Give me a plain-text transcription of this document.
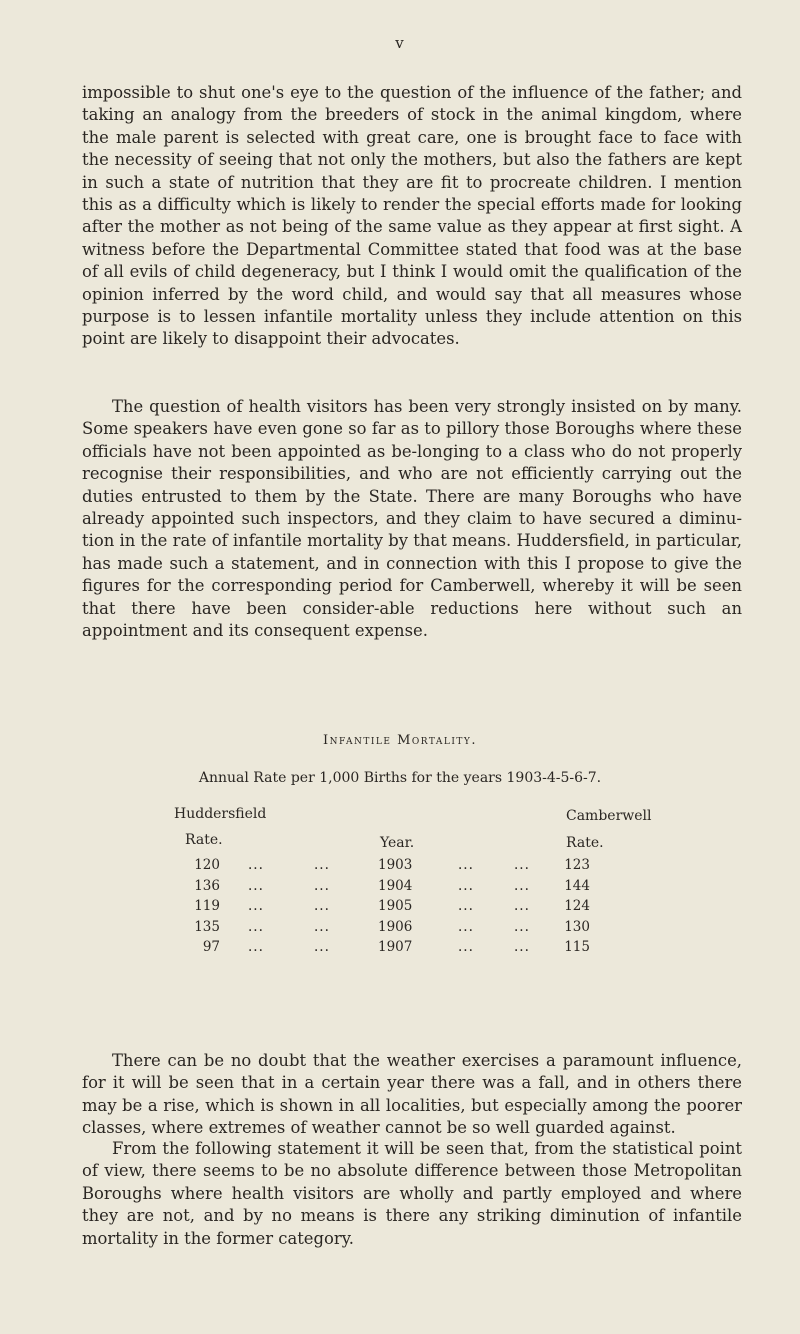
v

impossible to shut one's eye to the question of the influence of the father; and taking an analogy from the breeders of stock in the animal kingdom, where the male parent is selected with great care, one is brought face to face with the necessity of seeing that not only the mothers, but also the fathers are kept in such a state of nutrition that they are fit to procreate children. I mention this as a difficulty which is likely to render the special efforts made for looking after the mother as not being of the same value as they appear at first sight. A witness before the Departmental Committee stated that food was at the base of all evils of child degeneracy, but I think I would omit the qualification of the opinion inferred by the word child, and would say that all measures whose purpose is to lessen infantile mortality unless they include attention on this point are likely to disappoint their advocates.

The question of health visitors has been very strongly insisted on by many. Some speakers have even gone so far as to pillory those Boroughs where these officials have not been appointed as be-longing to a class who do not properly recognise their responsibilities, and who are not efficiently carrying out the duties entrusted to them by the State. There are many Boroughs who have already appointed such inspectors, and they claim to have secured a diminu-tion in the rate of infantile mortality by that means. Huddersfield, in particular, has made such a statement, and in connection with this I propose to give the figures for the corresponding period for Camberwell, whereby it will be seen that there have been consider-able reductions here without such an appointment and its consequent expense.

Infantile Mortality.
Annual Rate per 1,000 Births for the years 1903-4-5-6-7.
Huddersfield	Camberwell
Rate.	Year.	Rate.
120 ...	...	1903	...	...	123
136 ...	...	1904	...	...	144
119 ...	...	1905	...	...	124
135 ...	...	1906	...	...	130
97 ...	...	1907	...	...	115

There can be no doubt that the weather exercises a paramount influence, for it will be seen that in a certain year there was a fall, and in others there may be a rise, which is shown in all localities, but especially among the poorer classes, where extremes of weather cannot be so well guarded against.

From the following statement it will be seen that, from the statistical point of view, there seems to be no absolute difference between those Metropolitan Boroughs where health visitors are wholly and partly employed and where they are not, and by no means is there any striking diminution of infantile mortality in the former category.
